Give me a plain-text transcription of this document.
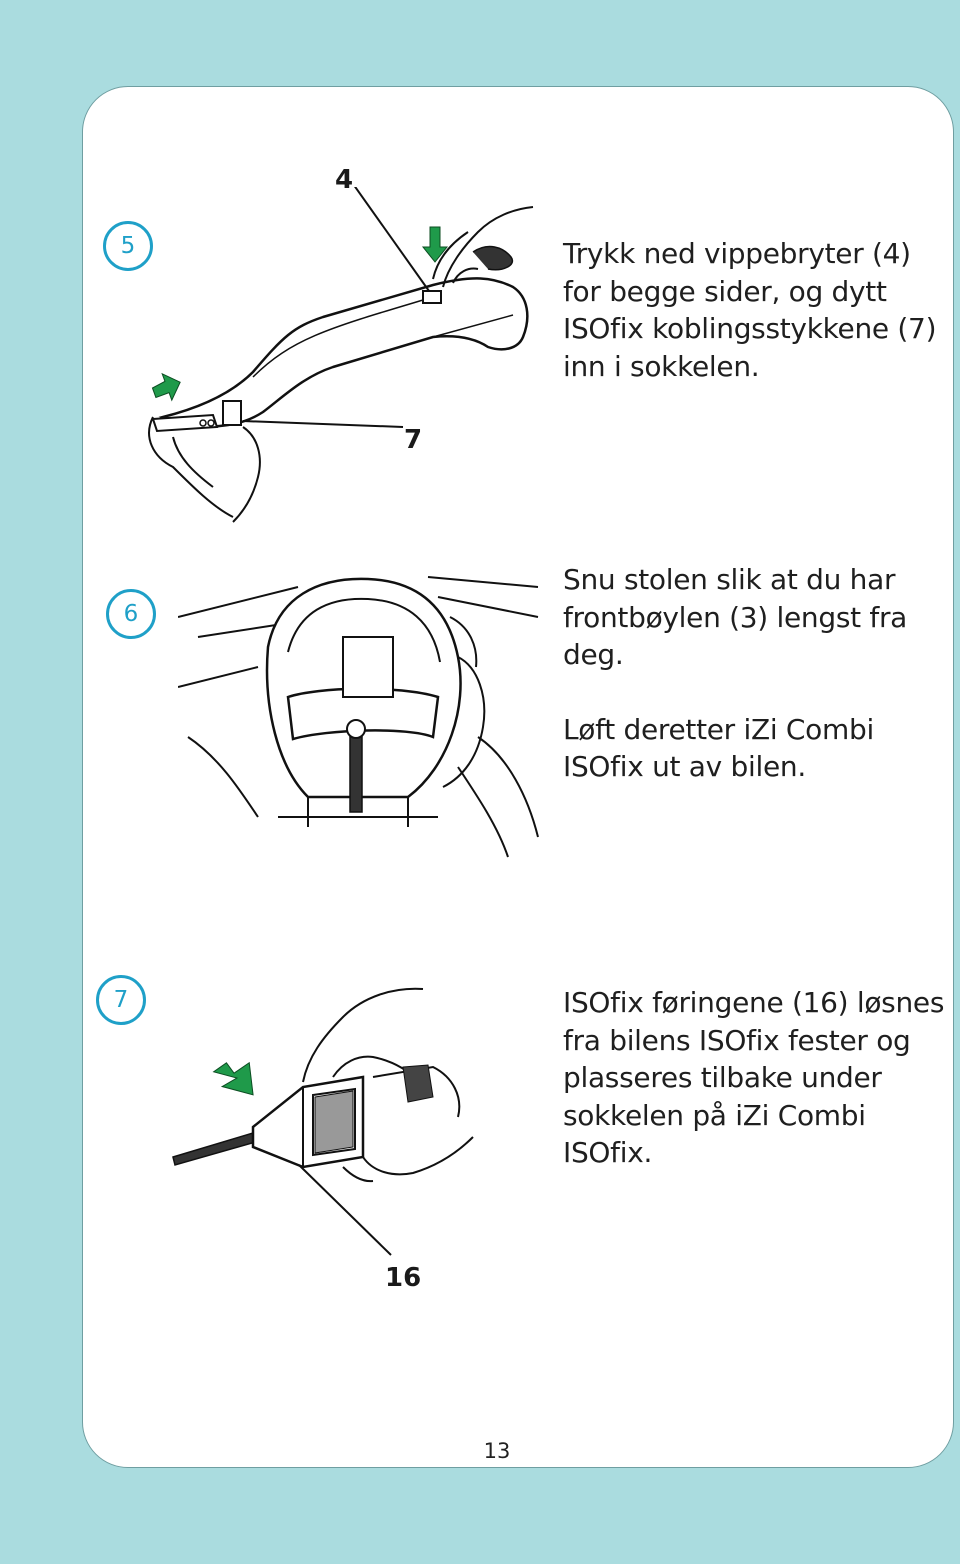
5
4
7

Trykk ned vippebryter (4) for begge sider, og dytt ISOfix koblingsstykkene (7) inn i sokkelen.

6

Snu stolen slik at du har frontbøylen (3) lengst fra deg.

Løft deretter iZi Combi ISOfix ut av bilen.

7
16

ISOfix føringene (16) løsnes fra bilens ISOfix fester og plasseres tilbake under sokkelen på iZi Combi ISOfix.

13
